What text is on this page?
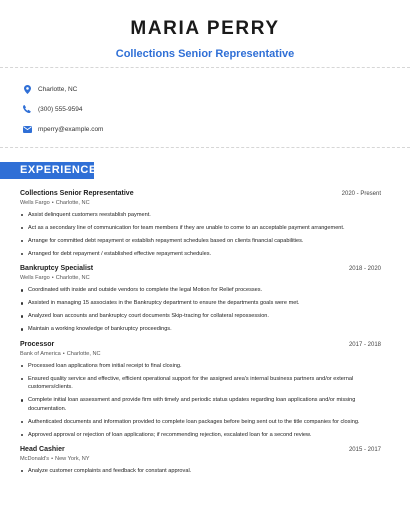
MARIA PERRY
Collections Senior Representative
Charlotte, NC
(300) 555-9594
mperry@example.com
EXPERIENCE
Collections Senior Representative	2020 - Present
Wells Fargo • Charlotte, NC
Assist delinquent customers reestablish payment.
Act as a secondary line of communication for team members if they are unable to come to an acceptable payment arrangement.
Arrange for committed debt repayment or establish repayment schedules based on clients financial capabilities.
Arranged for debt repayment / established effective repayment schedules.
Bankruptcy Specialist	2018 - 2020
Wells Fargo • Charlotte, NC
Coordinated with inside and outside vendors to complete the legal Motion for Relief processes.
Assisted in managing 15 associates in the Bankruptcy department to ensure the departments goals were met.
Analyzed loan accounts and bankruptcy court documents Skip-tracing for collateral repossession.
Maintain a working knowledge of bankruptcy proceedings.
Processor	2017 - 2018
Bank of America • Charlotte, NC
Processed loan applications from initial receipt to final closing.
Ensured quality service and effective, efficient operational support for the assigned area's internal business partners and/or external customers/clients.
Complete initial loan assessment and provide firm with timely and periodic status updates regarding loan applications and/or missing documentation.
Authenticated documents and information provided to complete loan packages before being sent out to the title companies for closing.
Approved approval or rejection of loan applications; if recommending rejection, escalated loan for a second review.
Head Cashier	2015 - 2017
McDonald's • New York, NY
Analyze customer complaints and feedback for constant approval.
